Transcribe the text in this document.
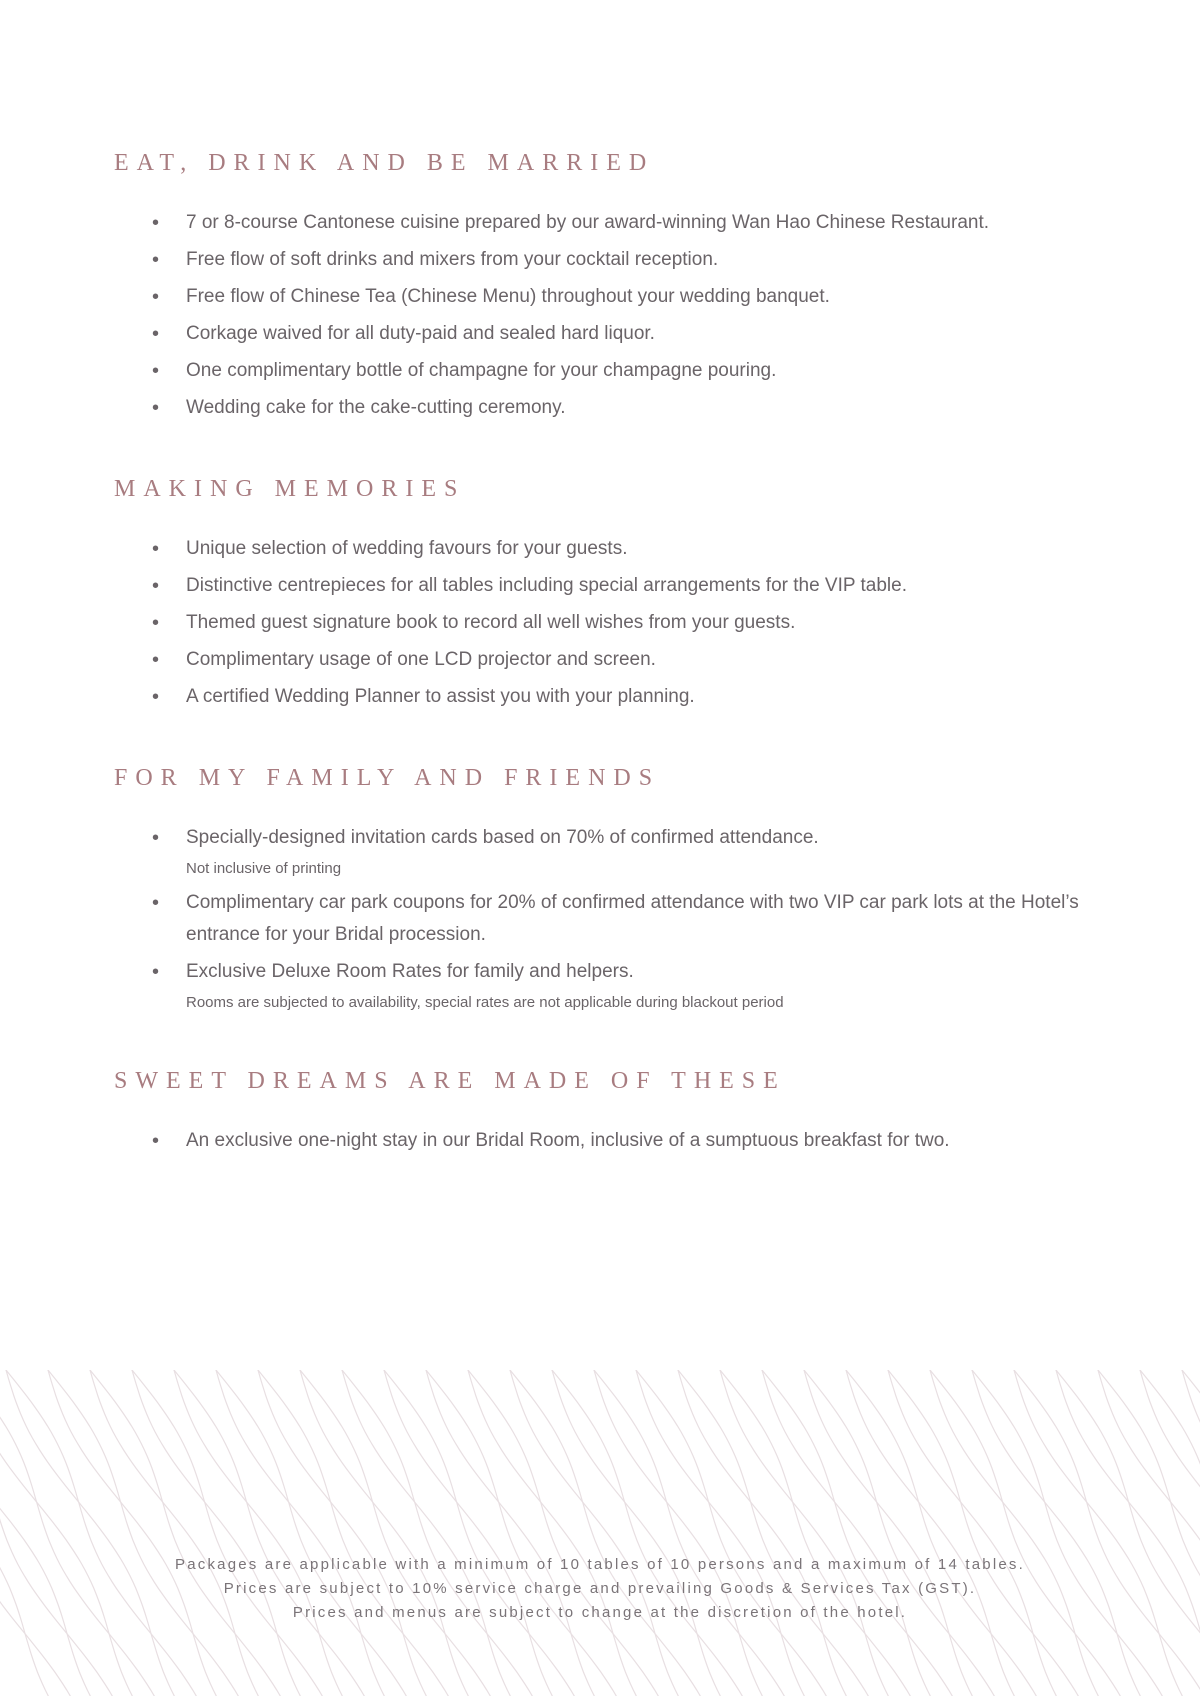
EAT, DRINK AND BE MARRIED
• 7 or 8-course Cantonese cuisine prepared by our award-winning Wan Hao Chinese Restaurant.
• Free flow of soft drinks and mixers from your cocktail reception.
• Free flow of Chinese Tea (Chinese Menu) throughout your wedding banquet.
• Corkage waived for all duty-paid and sealed hard liquor.
• One complimentary bottle of champagne for your champagne pouring.
• Wedding cake for the cake-cutting ceremony.
MAKING MEMORIES
• Unique selection of wedding favours for your guests.
• Distinctive centrepieces for all tables including special arrangements for the VIP table.
• Themed guest signature book to record all well wishes from your guests.
• Complimentary usage of one LCD projector and screen.
• A certified Wedding Planner to assist you with your planning.
FOR MY FAMILY AND FRIENDS
• Specially-designed invitation cards based on 70% of confirmed attendance.
Not inclusive of printing
• Complimentary car park coupons for 20% of confirmed attendance with two VIP car park lots at the Hotel’s entrance for your Bridal procession.
• Exclusive Deluxe Room Rates for family and helpers.
Rooms are subjected to availability, special rates are not applicable during blackout period
SWEET DREAMS ARE MADE OF THESE
• An exclusive one-night stay in our Bridal Room, inclusive of a sumptuous breakfast for two.

Packages are applicable with a minimum of 10 tables of 10 persons and a maximum of 14 tables.

Prices are subject to 10% service charge and prevailing Goods & Services Tax (GST).

Prices and menus are subject to change at the discretion of the hotel.
